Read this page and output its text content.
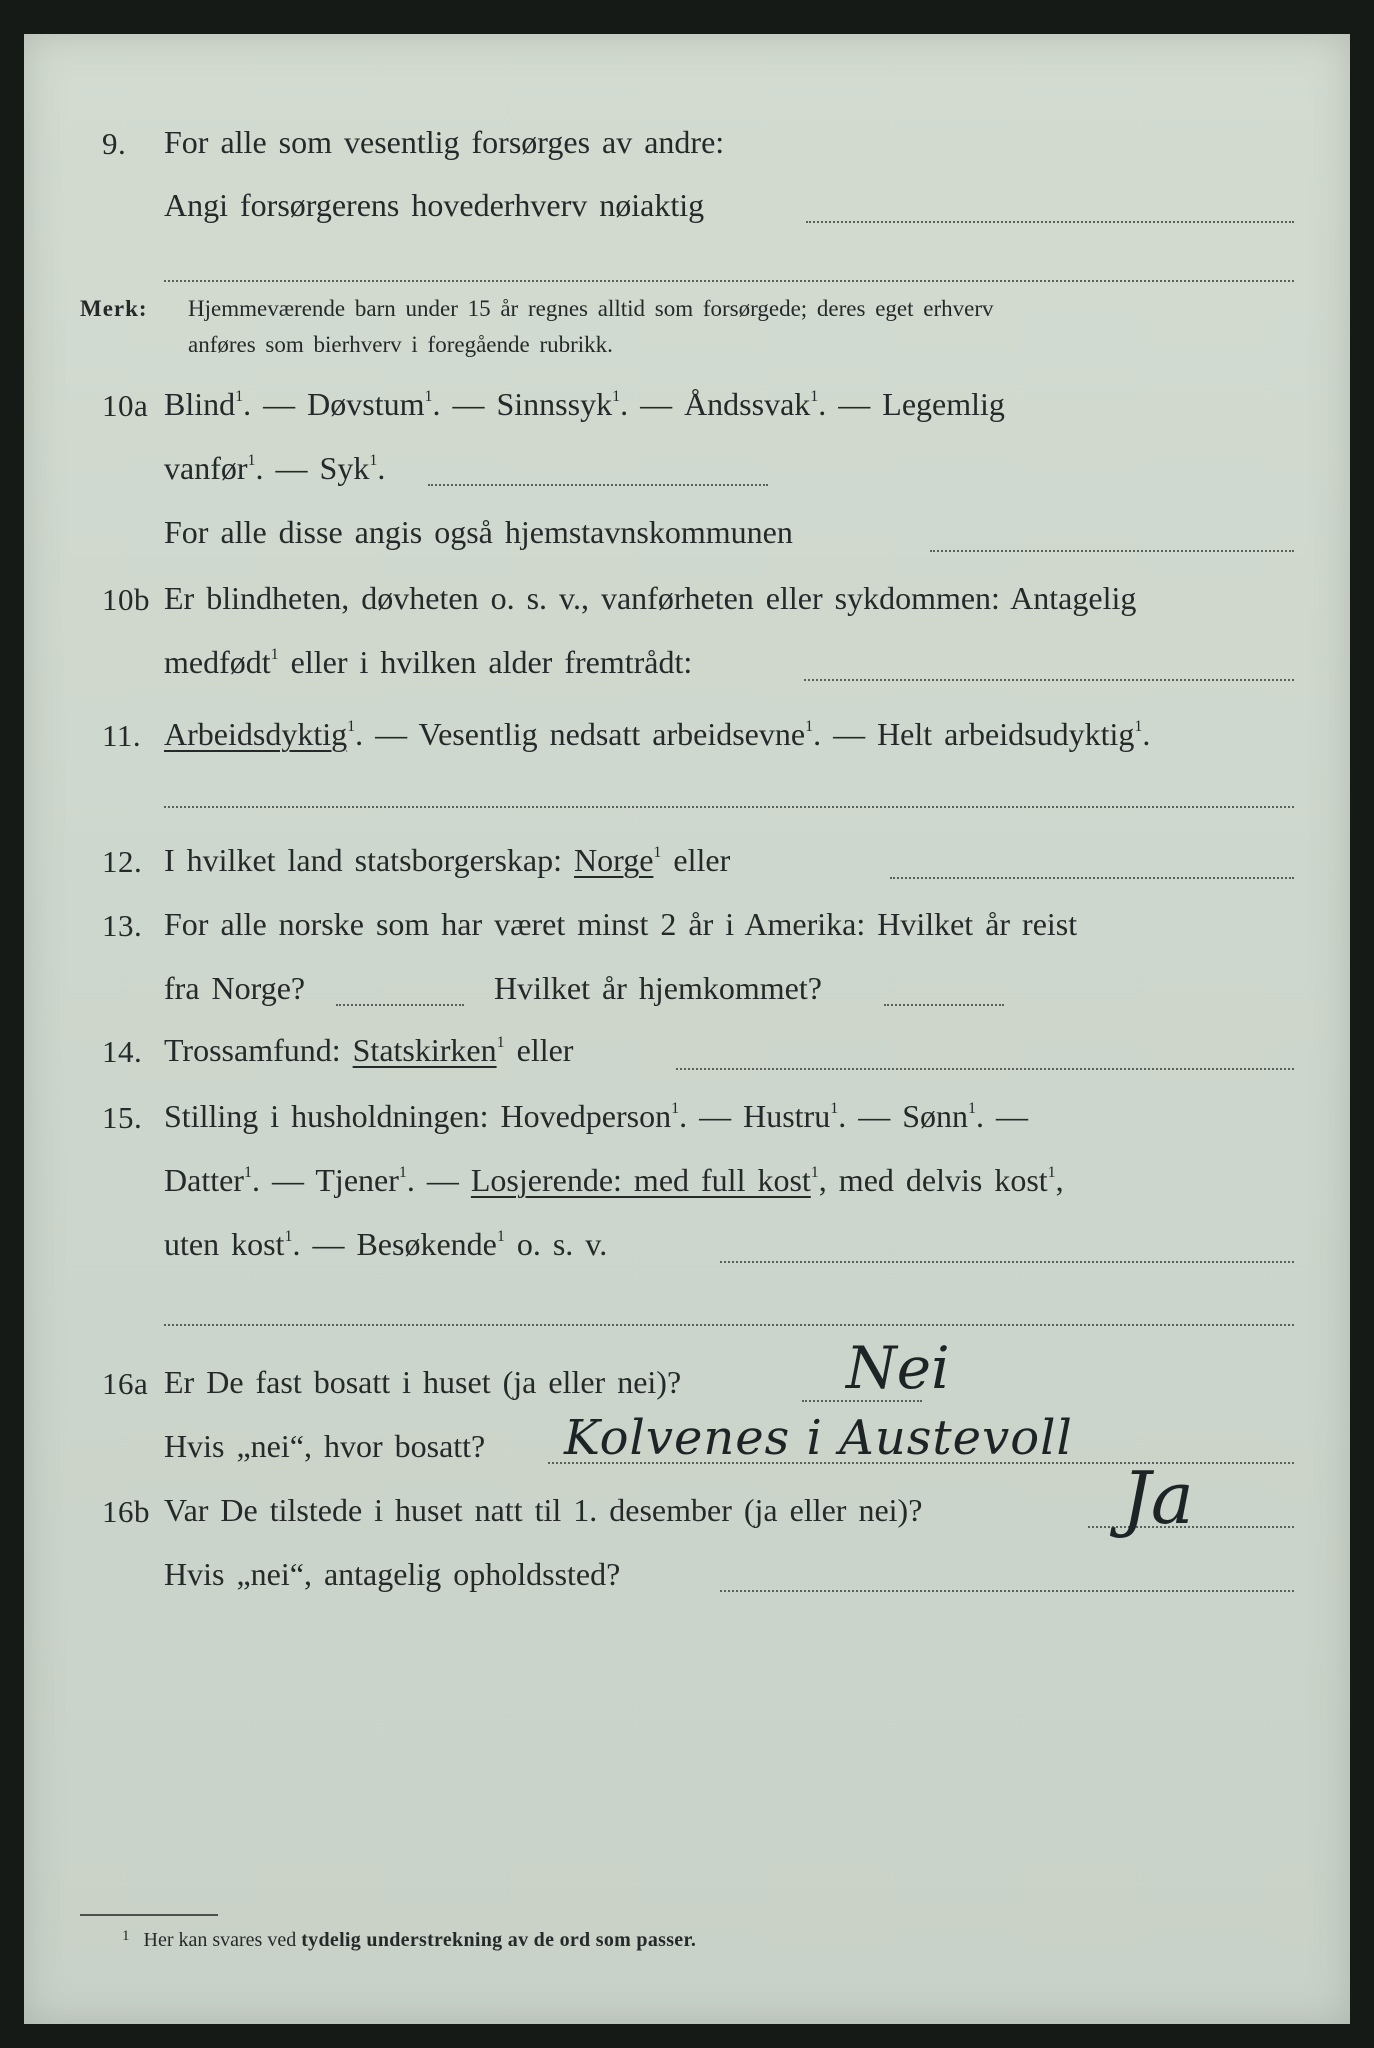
9. For alle som vesentlig forsørges av andre:
Angi forsørgerens hovederhverv nøiaktig
Merk: Hjemmeværende barn under 15 år regnes alltid som forsørgede; deres eget erhverv
anføres som bierhverv i foregående rubrikk.
10a Blind$^1$. — Døvstum$^1$. — Sinnssyk$^1$. — Åndssvak$^1$. — Legemlig
vanfør$^1$. — Syk$^1$.
For alle disse angis også hjemstavnskommunen
10b Er blindheten, døvheten o. s. v., vanførheten eller sykdommen: Antagelig
medfødt$^1$ eller i hvilken alder fremtrådt:
11. Arbeidsdyktig$^1$. — Vesentlig nedsatt arbeidsevne$^1$. — Helt arbeidsudyktig$^1$.
12. I hvilket land statsborgerskap: Norge$^1$ eller
13. For alle norske som har været minst 2 år i Amerika: Hvilket år reist
fra Norge?	Hvilket år hjemkommet?
14. Trossamfund: Statskirken$^1$ eller
15. Stilling i husholdningen: Hovedperson$^1$. — Hustru$^1$. — Sønn$^1$. —
Datter$^1$. — Tjener$^1$. — Losjerende: med full kost$^1$, med delvis kost$^1$,
uten kost$^1$. — Besøkende$^1$ o. s. v.
16a Er De fast bosatt i huset (ja eller nei)?	Nei
Hvis „nei“, hvor bosatt? Kolvenes i Austevoll
16b Var De tilstede i huset natt til 1. desember (ja eller nei)?	Ja
Hvis „nei“, antagelig opholdssted?
$^1$ Her kan svares ved tydelig understrekning av de ord som passer.
